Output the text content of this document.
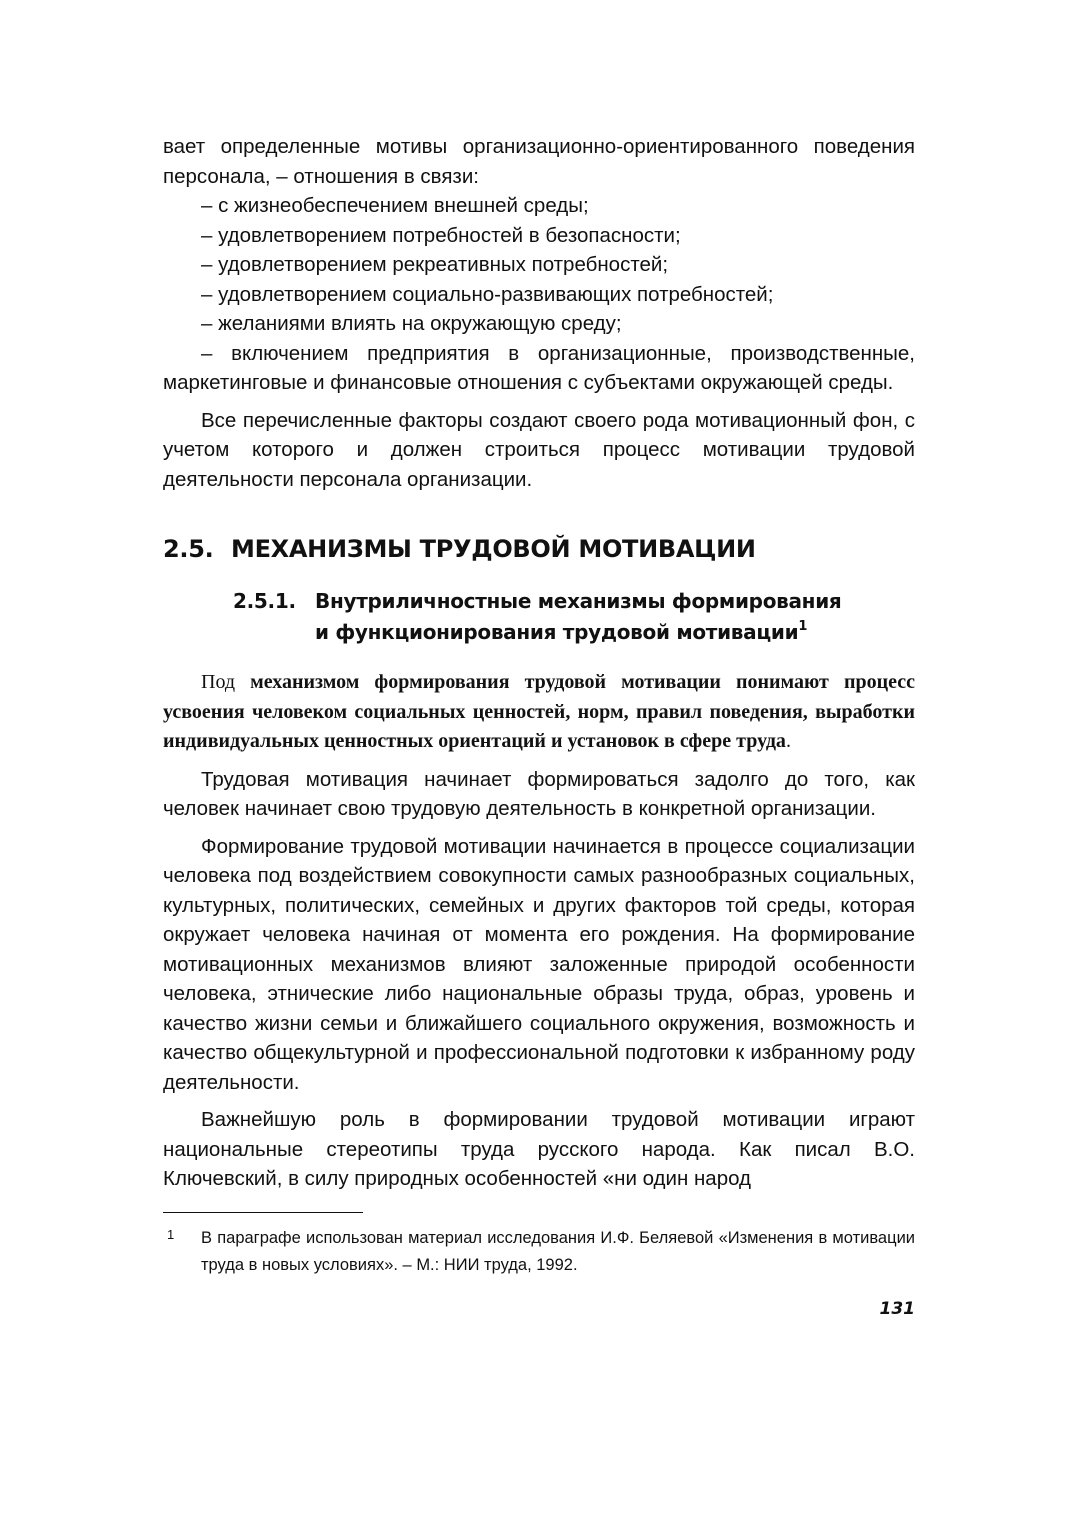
вает определенные мотивы организационно-ориентированного поведения персонала, – отношения в связи:

– с жизнеобеспечением внешней среды;

– удовлетворением потребностей в безопасности;

– удовлетворением рекреативных потребностей;

– удовлетворением социально-развивающих потребностей;

– желаниями влиять на окружающую среду;

– включением предприятия в организационные, производственные, маркетинговые и финансовые отношения с субъектами окружающей среды.

Все перечисленные факторы создают своего рода мотивационный фон, с учетом которого и должен строиться процесс мотивации трудовой деятельности персонала организации.

2.5. МЕХАНИЗМЫ ТРУДОВОЙ МОТИВАЦИИ
2.5.1. Внутриличностные механизмы формирования
и функционирования трудовой мотивации$^1$

Под механизмом формирования трудовой мотивации понимают процесс усвоения человеком социальных ценностей, норм, правил поведения, выработки индивидуальных ценностных ориентаций и установок в сфере труда.

Трудовая мотивация начинает формироваться задолго до того, как человек начинает свою трудовую деятельность в конкретной организации.

Формирование трудовой мотивации начинается в процессе социализации человека под воздействием совокупности самых разнообразных социальных, культурных, политических, семейных и других факторов той среды, которая окружает человека начиная от момента его рождения. На формирование мотивационных механизмов влияют заложенные природой особенности человека, этнические либо национальные образы труда, образ, уровень и качество жизни семьи и ближайшего социального окружения, возможность и качество общекультурной и профессиональной подготовки к избранному роду деятельности.

Важнейшую роль в формировании трудовой мотивации играют национальные стереотипы труда русского народа. Как писал В.О. Ключевский, в силу природных особенностей «ни один народ

1 В параграфе использован материал исследования И.Ф. Беляевой «Изменения в мотивации труда в новых условиях». – М.: НИИ труда, 1992.

131
